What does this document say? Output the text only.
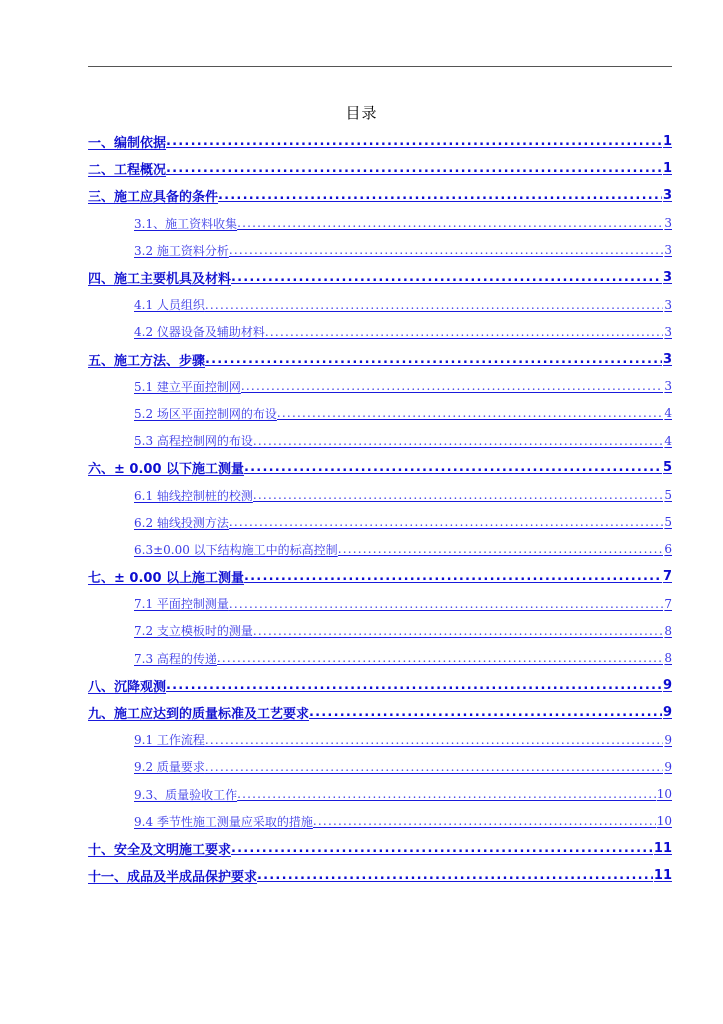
目录
一、编制依据 .....	1
二、工程概况 .....	1
三、施工应具备的条件 .....	3
3.1、施工资料收集 .....	3
3.2 施工资料分析 .....	3
四、施工主要机具及材料 .....	3
4.1 人员组织 .....	3
4.2 仪器设备及辅助材料 .....	3
五、施工方法、步骤 .....	3
5.1 建立平面控制网 .....	3
5.2 场区平面控制网的布设 .....	4
5.3 高程控制网的布设 .....	4
六、± 0.00 以下施工测量 .....	5
6.1 轴线控制桩的校测 .....	5
6.2 轴线投测方法 .....	5
6.3±0.00 以下结构施工中的标高控制 .....	6
七、± 0.00 以上施工测量 .....	7
7.1 平面控制测量 .....	7
7.2 支立模板时的测量 .....	8
7.3 高程的传递 .....	8
八、沉降观测 .....	9
九、施工应达到的质量标准及工艺要求 .....	9
9.1 工作流程 .....	9
9.2 质量要求 .....	9
9.3、质量验收工作 .....	10
9.4 季节性施工测量应采取的措施 .....	10
十、安全及文明施工要求 .....	11
十一、成品及半成品保护要求 .....	11
